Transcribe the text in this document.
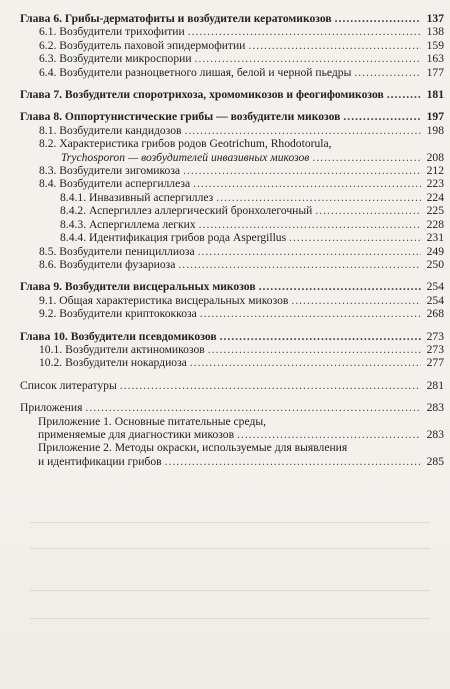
Глава 6. Грибы-дерматофиты и возбудители кератомикозов .....	137
6.1. Возбудители трихофитии .....	138
6.2. Возбудитель паховой эпидермофитии .....	159
6.3. Возбудители микроспории .....	163
6.4. Возбудители разноцветного лишая, белой и черной пьедры .....	177
Глава 7. Возбудители споротрихоза, хромомикозов и феогифомикозов .....	181
Глава 8. Оппортунистические грибы — возбудители микозов .....	197
8.1. Возбудители кандидозов .....	198
8.2. Характеристика грибов родов Geotrichum, Rhodotorula,
Trychosporon — возбудителей инвазивных микозов .....	208
8.3. Возбудители зигомикоза .....	212
8.4. Возбудители аспергиллеза .....	223
8.4.1. Инвазивный аспергиллез .....	224
8.4.2. Аспергиллез аллергический бронхолегочный .....	225
8.4.3. Аспергиллема легких .....	228
8.4.4. Идентификация грибов рода Aspergillus .....	231
8.5. Возбудители пенициллиоза .....	249
8.6. Возбудители фузариоза .....	250
Глава 9. Возбудители висцеральных микозов .....	254
9.1. Общая характеристика висцеральных микозов .....	254
9.2. Возбудители криптококкоза .....	268
Глава 10. Возбудители псевдомикозов .....	273
10.1. Возбудители актиномикозов .....	273
10.2. Возбудители нокардиоза .....	277
Список литературы .....	281
Приложения .....	283
Приложение 1. Основные питательные среды,
применяемые для диагностики микозов .....	283
Приложение 2. Методы окраски, используемые для выявления
и идентификации грибов .....	285
